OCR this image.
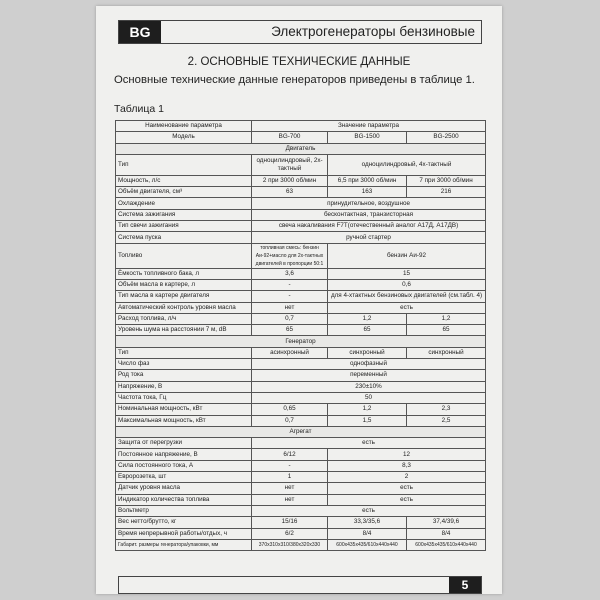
BG	Электрогенераторы бензиновые
2. ОСНОВНЫЕ ТЕХНИЧЕСКИЕ ДАННЫЕ
Основные технические данные генераторов приведены в таблице 1.
Таблица 1
Наименование параметра	Значение параметра		
Модель	BG-700	BG-1500	BG-2500
Двигатель			
Тип	одноцилиндровый, 2х-тактный	одноцилиндровый, 4х-тактный	
Мощность, л/с	2 при 3000 об/мин	6,5 при 3000 об/мин	7 при 3000 об/мин
Объём двигателя, см³	63	163	216
Охлаждение	принудительное, воздушное		
Система зажигания	бесконтактная, транзисторная		
Тип свечи зажигания	свеча накаливания F7T(отечественный аналог А17Д, А17ДВ)		
Система пуска	ручной стартер		
Топливо	топливная смесь: бензин Аи-92+масло для 2х-тактных двигателей в пропорции 50:1	бензин Аи-92	
Ёмкость топливного бака, л	3,6	15	
Объём масла в картере, л	-	0,6	
Тип масла в картере двигателя	-	для 4-хтактных бензиновых двигателей (см.табл. 4)	
Автоматический контроль уровня масла	нет	есть	
Расход топлива, л/ч	0,7	1,2	1,2
Уровень шума на расстоянии 7 м, dB	65	65	65
Генератор			
Тип	асинхронный	синхронный	синхронный
Число фаз	однофазный		
Род тока	переменный		
Напряжение, В	230±10%		
Частота тока, Гц	50		
Номинальная мощность, кВт	0,65	1,2	2,3
Максимальная мощность, кВт	0,7	1,5	2,5
Агрегат			
Защита от перегрузки	есть		
Постоянное напряжение, В	6/12	12	
Сила постоянного тока, А	-	8,3	
Евророзетка, шт	1	2	
Датчик уровня масла	нет	есть	
Индикатор количества топлива	нет	есть	
Вольтметр	есть		
Вес нетто/брутто, кг	15/16	33,3/35,6	37,4/39,6
Время непрерывной работы/отдых, ч	6/2	8/4	8/4
Габарит. размеры генератора/упаковки, мм	370х310х310/380х320х330	600х435х435/610х440х440	600х435х435/610х440х440
5
